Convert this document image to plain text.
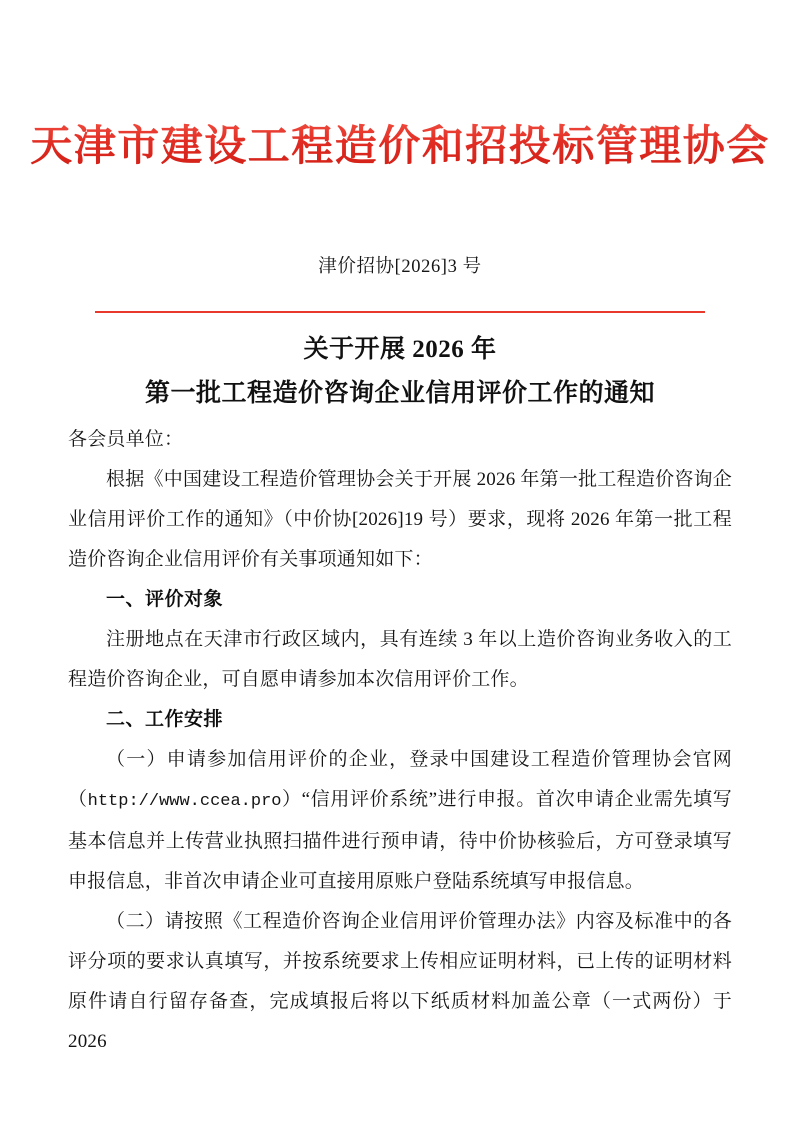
天津市建设工程造价和招投标管理协会
津价招协[2026]3 号
关于开展 2026 年
第一批工程造价咨询企业信用评价工作的通知

各会员单位：

根据《中国建设工程造价管理协会关于开展 2026 年第一批工程造价咨询企业信用评价工作的通知》（中价协[2026]19 号）要求，现将 2026 年第一批工程造价咨询企业信用评价有关事项通知如下：

一、评价对象

注册地点在天津市行政区域内，具有连续 3 年以上造价咨询业务收入的工程造价咨询企业，可自愿申请参加本次信用评价工作。

二、工作安排

（一）申请参加信用评价的企业，登录中国建设工程造价管理协会官网（http://www.ccea.pro）“信用评价系统”进行申报。首次申请企业需先填写基本信息并上传营业执照扫描件进行预申请，待中价协核验后，方可登录填写申报信息，非首次申请企业可直接用原账户登陆系统填写申报信息。

（二）请按照《工程造价咨询企业信用评价管理办法》内容及标准中的各评分项的要求认真填写，并按系统要求上传相应证明材料，已上传的证明材料原件请自行留存备查，完成填报后将以下纸质材料加盖公章（一式两份）于 2026
